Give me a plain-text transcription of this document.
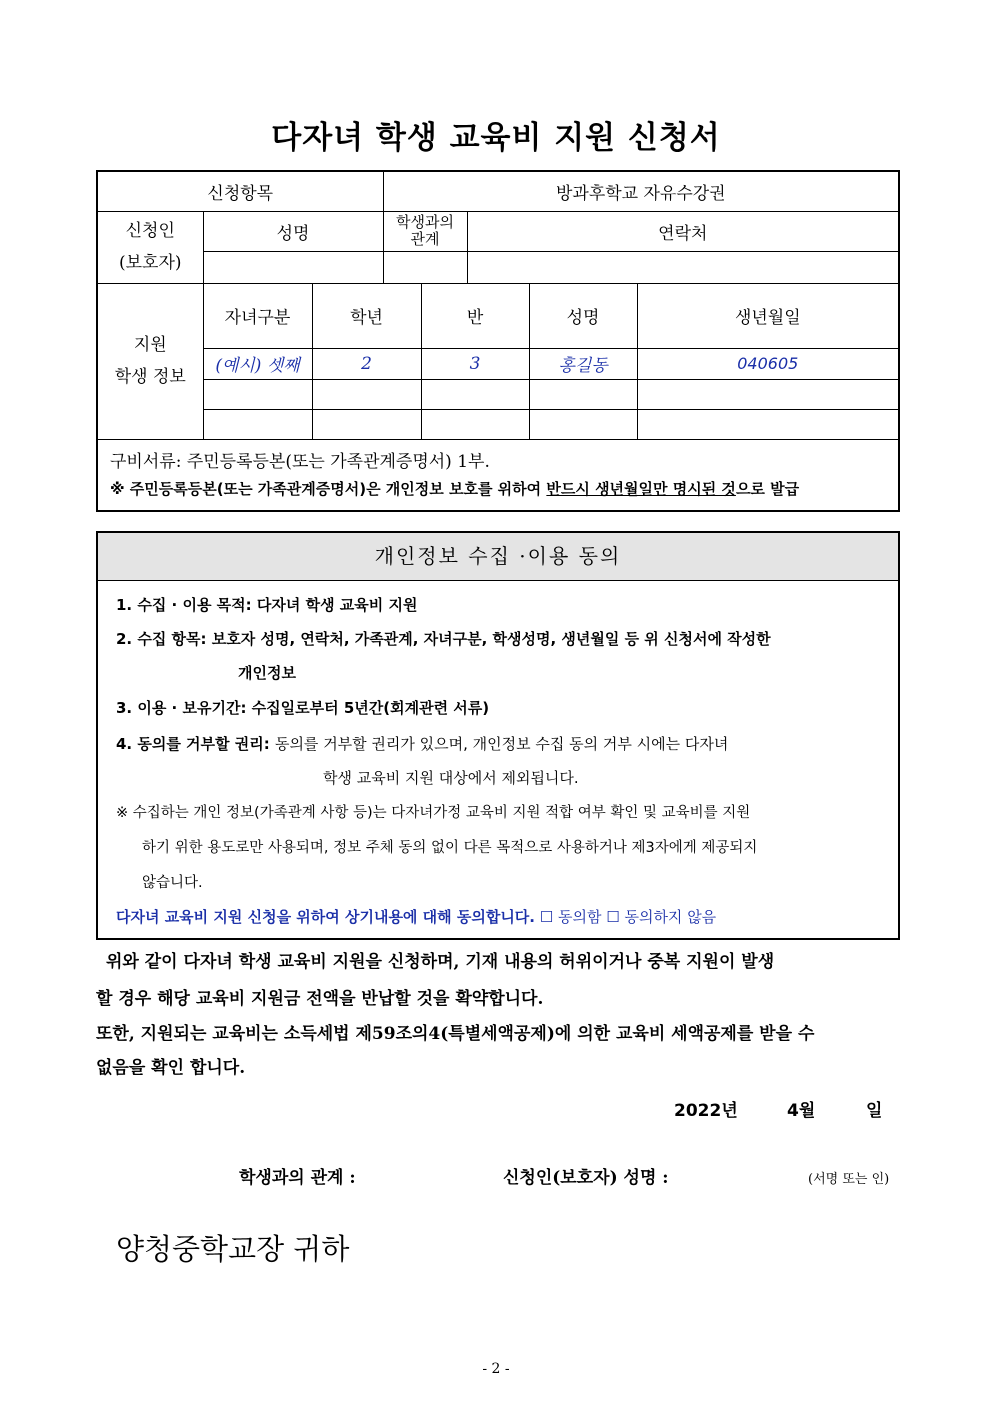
다자녀 학생 교육비 지원 신청서
신청항목			방과후학교 자유수강권				

신청인
(보호자)	성명		학생과의 관계		연락처		

지원
학생 정보	자녀구분	학년		반		성명	생년월일
	(예시) 셋째	2		3		홍길동	040605

구비서류: 주민등록등본(또는 가족관계증명서) 1부.
※ 주민등록등본(또는 가족관계증명서)은 개인정보 보호를 위하여 반드시 생년월일만 명시된 것으로 발급							
개인정보 수집 ·이용 동의
1. 수집 · 이용 목적: 다자녀 학생 교육비 지원
2. 수집 항목: 보호자 성명, 연락처, 가족관계, 자녀구분, 학생성명, 생년월일 등 위 신청서에 작성한
개인정보
3. 이용 · 보유기간: 수집일로부터 5년간(회계관련 서류)
4. 동의를 거부할 권리: 동의를 거부할 권리가 있으며, 개인정보 수집 동의 거부 시에는 다자녀
학생 교육비 지원 대상에서 제외됩니다.
※ 수집하는 개인 정보(가족관계 사항 등)는 다자녀가정 교육비 지원 적합 여부 확인 및 교육비를 지원
하기 위한 용도로만 사용되며, 정보 주체 동의 없이 다른 목적으로 사용하거나 제3자에게 제공되지
않습니다.
다자녀 교육비 지원 신청을 위하여 상기내용에 대해 동의합니다. ☐ 동의함 ☐ 동의하지 않음
위와 같이 다자녀 학생 교육비 지원을 신청하며, 기재 내용의 허위이거나 중복 지원이 발생
할 경우 해당 교육비 지원금 전액을 반납할 것을 확약합니다.
또한, 지원되는 교육비는 소득세법 제59조의4(특별세액공제)에 의한 교육비 세액공제를 받을 수
없음을 확인 합니다.
2022년	4월	일
학생과의 관계 :	신청인(보호자) 성명 :	(서명 또는 인)
양청중학교장 귀하
- 2 -
